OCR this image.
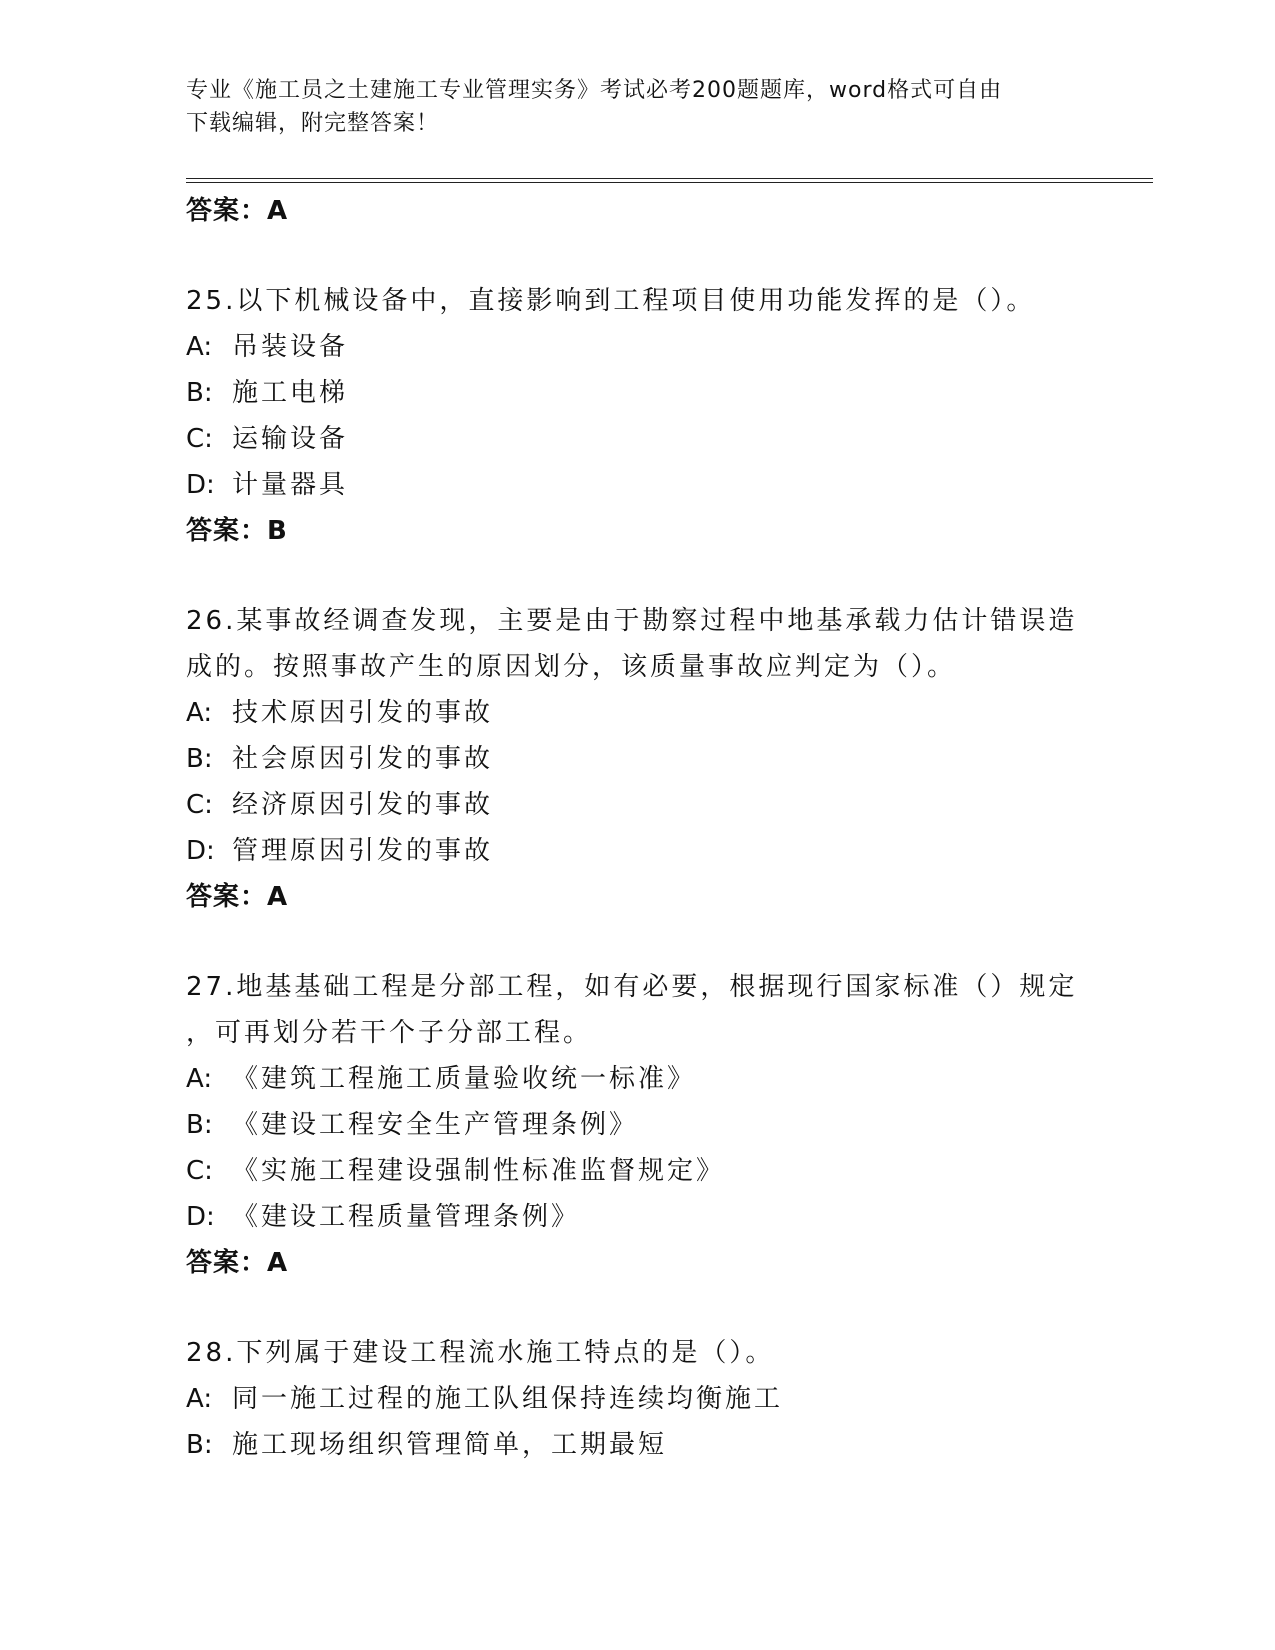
专业《施工员之土建施工专业管理实务》考试必考200题题库，word格式可自由
下载编辑，附完整答案！
答案：A
25.以下机械设备中，直接影响到工程项目使用功能发挥的是（）。
A: 吊装设备
B: 施工电梯
C: 运输设备
D: 计量器具
答案：B
26.某事故经调查发现，主要是由于勘察过程中地基承载力估计错误造
成的。按照事故产生的原因划分，该质量事故应判定为（）。
A: 技术原因引发的事故
B: 社会原因引发的事故
C: 经济原因引发的事故
D: 管理原因引发的事故
答案：A
27.地基基础工程是分部工程，如有必要，根据现行国家标准（）规定
，可再划分若干个子分部工程。
A: 《建筑工程施工质量验收统一标准》
B: 《建设工程安全生产管理条例》
C: 《实施工程建设强制性标准监督规定》
D: 《建设工程质量管理条例》
答案：A
28.下列属于建设工程流水施工特点的是（）。
A: 同一施工过程的施工队组保持连续均衡施工
B: 施工现场组织管理简单，工期最短
